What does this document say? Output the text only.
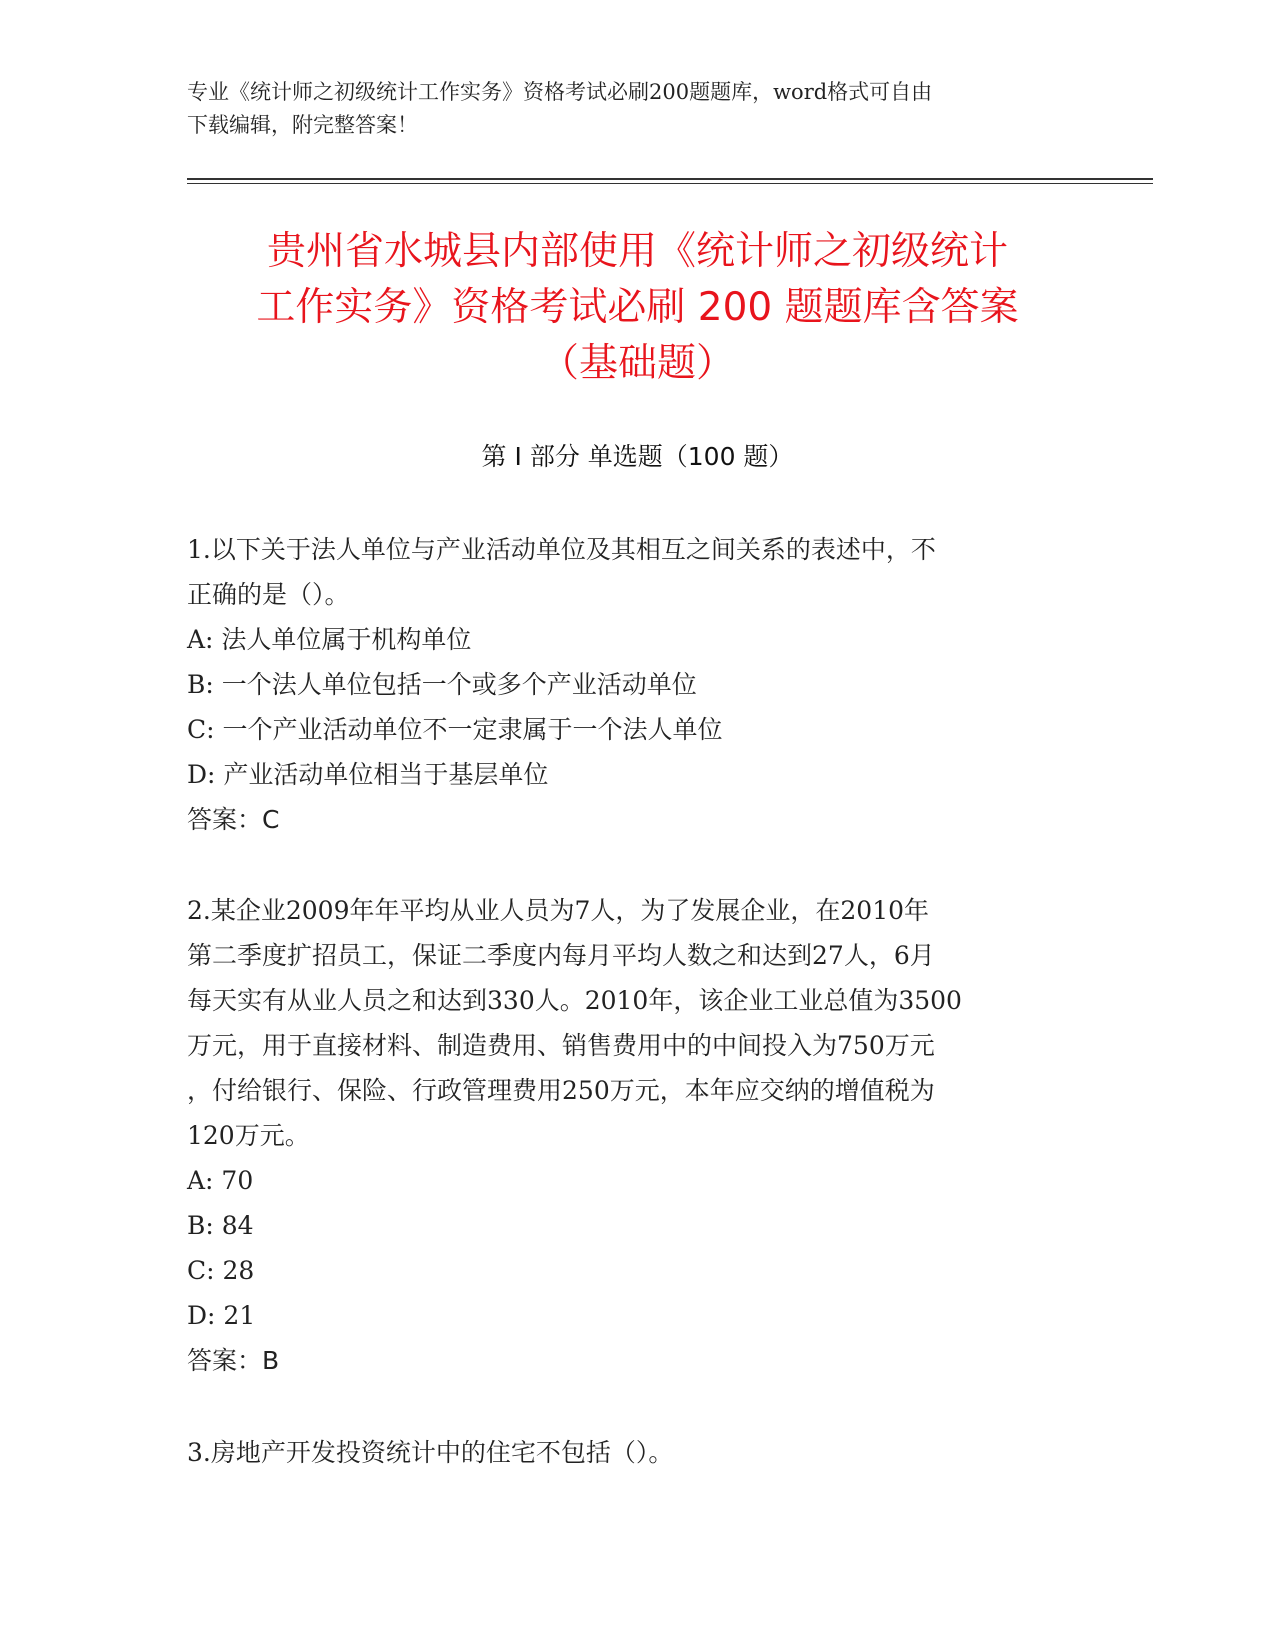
专业《统计师之初级统计工作实务》资格考试必刷200题题库，word格式可自由
下载编辑，附完整答案！
贵州省水城县内部使用《统计师之初级统计
工作实务》资格考试必刷 200 题题库含答案
（基础题）
第 I 部分 单选题（100 题）

1.以下关于法人单位与产业活动单位及其相互之间关系的表述中，不

正确的是（）。

A: 法人单位属于机构单位

B: 一个法人单位包括一个或多个产业活动单位

C: 一个产业活动单位不一定隶属于一个法人单位

D: 产业活动单位相当于基层单位

答案：C

2.某企业2009年年平均从业人员为7人，为了发展企业，在2010年

第二季度扩招员工，保证二季度内每月平均人数之和达到27人，6月

每天实有从业人员之和达到330人。2010年，该企业工业总值为3500

万元，用于直接材料、制造费用、销售费用中的中间投入为750万元

，付给银行、保险、行政管理费用250万元，本年应交纳的增值税为

120万元。

A: 70

B: 84

C: 28

D: 21

答案：B

3.房地产开发投资统计中的住宅不包括（）。
